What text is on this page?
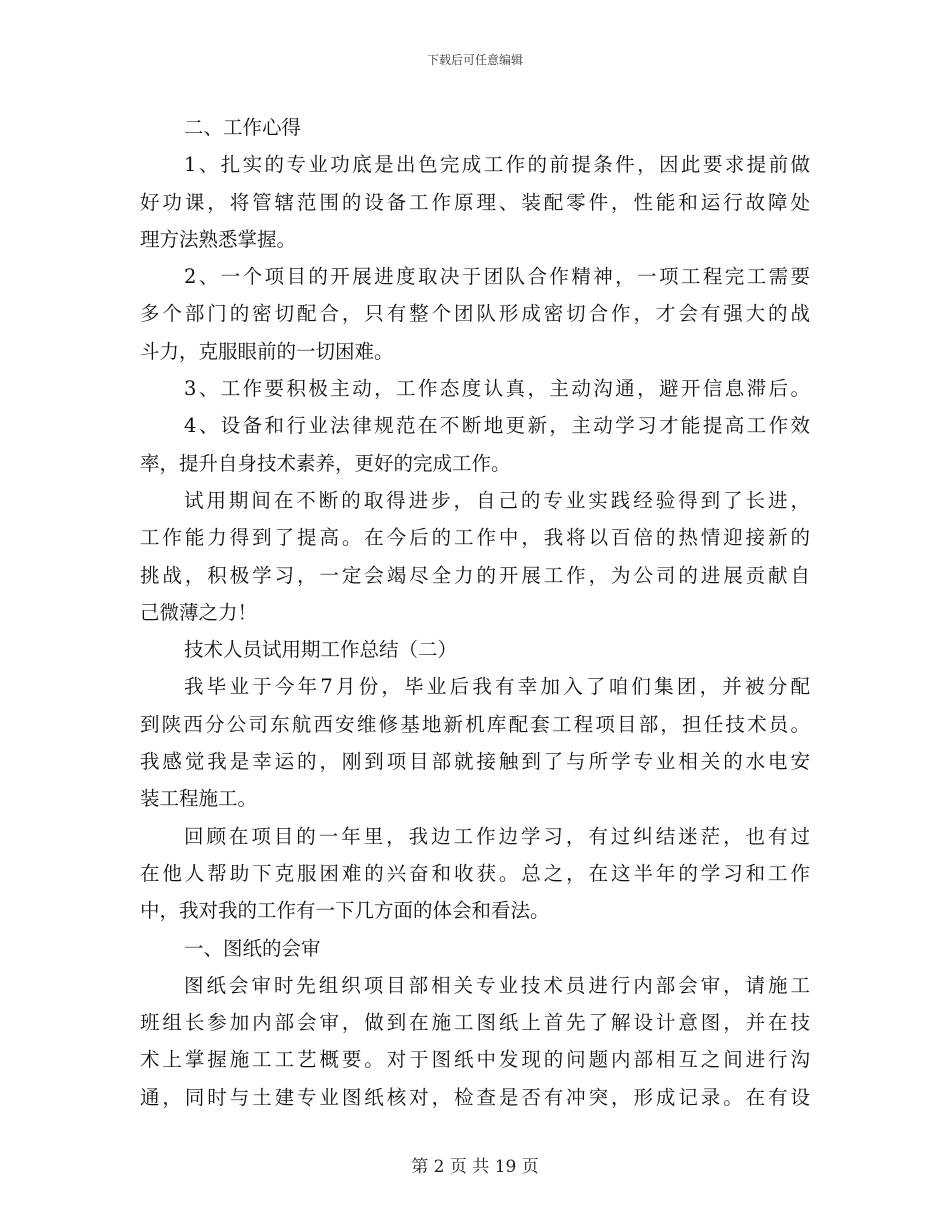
下载后可任意编辑
二、工作心得
1、扎实的专业功底是出色完成工作的前提条件，因此要求提前做
好功课，将管辖范围的设备工作原理、装配零件，性能和运行故障处
理方法熟悉掌握。
2、一个项目的开展进度取决于团队合作精神，一项工程完工需要
多个部门的密切配合，只有整个团队形成密切合作，才会有强大的战
斗力，克服眼前的一切困难。
3、工作要积极主动，工作态度认真，主动沟通，避开信息滞后。
4、设备和行业法律规范在不断地更新，主动学习才能提高工作效
率，提升自身技术素养，更好的完成工作。
试用期间在不断的取得进步，自己的专业实践经验得到了长进，
工作能力得到了提高。在今后的工作中，我将以百倍的热情迎接新的
挑战，积极学习，一定会竭尽全力的开展工作，为公司的进展贡献自
己微薄之力！
技术人员试用期工作总结（二）
我毕业于今年7月份，毕业后我有幸加入了咱们集团，并被分配
到陕西分公司东航西安维修基地新机库配套工程项目部，担任技术员。
我感觉我是幸运的，刚到项目部就接触到了与所学专业相关的水电安
装工程施工。
回顾在项目的一年里，我边工作边学习，有过纠结迷茫，也有过
在他人帮助下克服困难的兴奋和收获。总之，在这半年的学习和工作
中，我对我的工作有一下几方面的体会和看法。
一、图纸的会审
图纸会审时先组织项目部相关专业技术员进行内部会审，请施工
班组长参加内部会审，做到在施工图纸上首先了解设计意图，并在技
术上掌握施工工艺概要。对于图纸中发现的问题内部相互之间进行沟
通，同时与土建专业图纸核对，检查是否有冲突，形成记录。在有设
第 2 页 共 19 页
